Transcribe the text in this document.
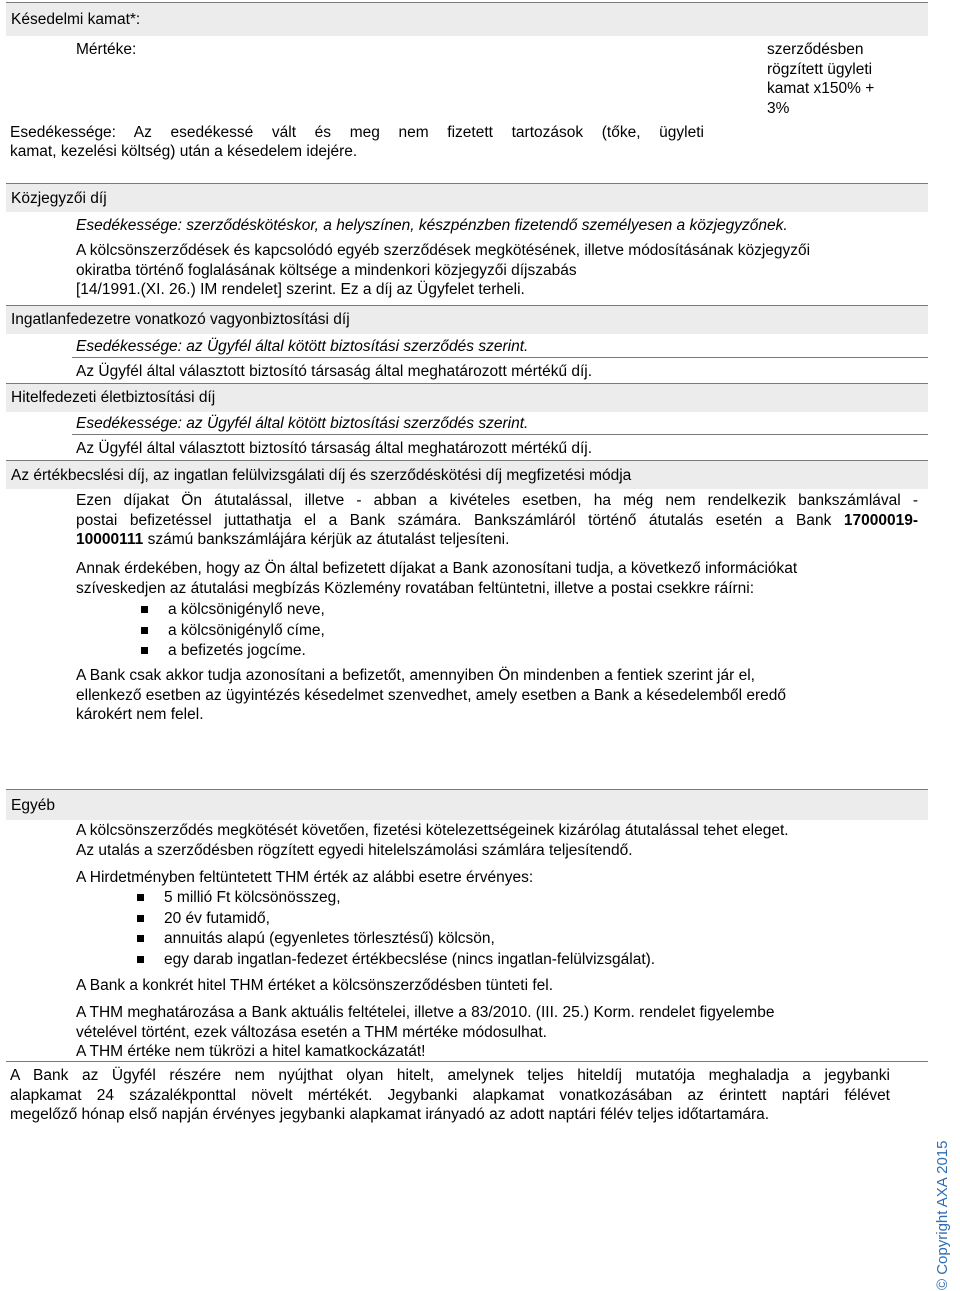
Késedelmi kamat*:
Mértéke:	szerződésben
rögzített ügyleti
kamat x150% +
3%
Esedékessége: Az esedékessé vált és meg nem fizetett tartozások (tőke, ügyleti
kamat, kezelési költség) után a késedelem idejére.
Közjegyzői díj
Esedékessége: szerződéskötéskor, a helyszínen, készpénzben fizetendő személyesen a közjegyzőnek.
A kölcsönszerződések és kapcsolódó egyéb szerződések megkötésének, illetve módosításának közjegyzői
okiratba történő foglalásának költsége a mindenkori közjegyzői díjszabás
[14/1991.(XI. 26.) IM rendelet] szerint. Ez a díj az Ügyfelet terheli.
Ingatlanfedezetre vonatkozó vagyonbiztosítási díj
Esedékessége: az Ügyfél által kötött biztosítási szerződés szerint.
Az Ügyfél által választott biztosító társaság által meghatározott mértékű díj.
Hitelfedezeti életbiztosítási díj
Esedékessége: az Ügyfél által kötött biztosítási szerződés szerint.
Az Ügyfél által választott biztosító társaság által meghatározott mértékű díj.
Az értékbecslési díj, az ingatlan felülvizsgálati díj és szerződéskötési díj megfizetési módja
Ezen díjakat Ön átutalással, illetve - abban a kivételes esetben, ha még nem rendelkezik bankszámlával -
postai befizetéssel juttathatja el a Bank számára. Bankszámláról történő átutalás esetén a Bank 17000019-
10000111 számú bankszámlájára kérjük az átutalást teljesíteni.
Annak érdekében, hogy az Ön által befizetett díjakat a Bank azonosítani tudja, a következő információkat
szíveskedjen az átutalási megbízás Közlemény rovatában feltüntetni, illetve a postai csekkre ráírni:
a kölcsönigénylő neve,
a kölcsönigénylő címe,
a befizetés jogcíme.
A Bank csak akkor tudja azonosítani a befizetőt, amennyiben Ön mindenben a fentiek szerint jár el,
ellenkező esetben az ügyintézés késedelmet szenvedhet, amely esetben a Bank a késedelemből eredő
károkért nem felel.
Egyéb
A kölcsönszerződés megkötését követően, fizetési kötelezettségeinek kizárólag átutalással tehet eleget.
Az utalás a szerződésben rögzített egyedi hitelelszámolási számlára teljesítendő.
A Hirdetményben feltüntetett THM érték az alábbi esetre érvényes:
5 millió Ft kölcsönösszeg,
20 év futamidő,
annuitás alapú (egyenletes törlesztésű) kölcsön,
egy darab ingatlan-fedezet értékbecslése (nincs ingatlan-felülvizsgálat).
A Bank a konkrét hitel THM értéket a kölcsönszerződésben tünteti fel.
A THM meghatározása a Bank aktuális feltételei, illetve a 83/2010. (III. 25.) Korm. rendelet figyelembe
vételével történt, ezek változása esetén a THM mértéke módosulhat.
A THM értéke nem tükrözi a hitel kamatkockázatát!
A Bank az Ügyfél részére nem nyújthat olyan hitelt, amelynek teljes hiteldíj mutatója meghaladja a jegybanki
alapkamat 24 százalékponttal növelt mértékét. Jegybanki alapkamat vonatkozásában az érintett naptári félévet
megelőző hónap első napján érvényes jegybanki alapkamat irányadó az adott naptári félév teljes időtartamára.
© Copyright AXA 2015
